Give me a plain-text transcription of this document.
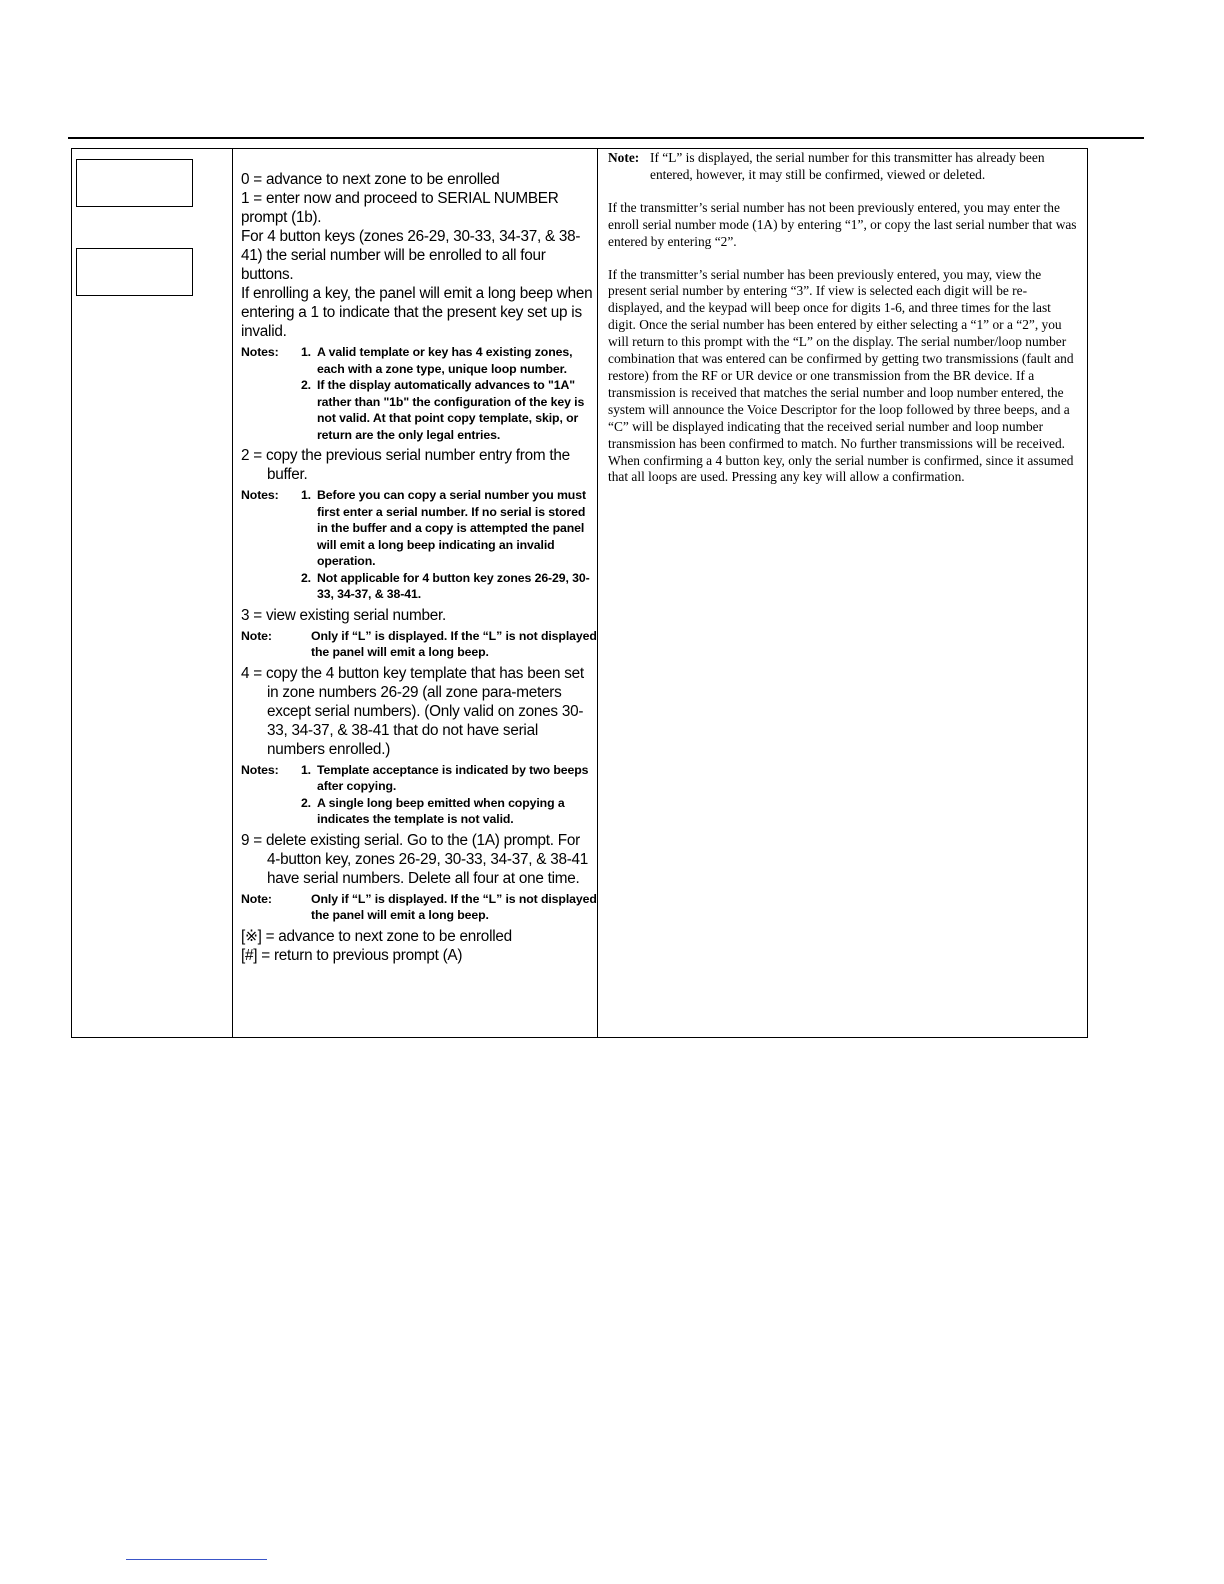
0 = advance to next zone to be enrolled

1 = enter now and proceed to SERIAL NUMBER prompt (1b).

For 4 button keys (zones 26-29, 30-33, 34-37, & 38-41) the serial number will be enrolled to all four buttons.

If enrolling a key, the panel will emit a long beep when entering a 1 to indicate that the present key set up is invalid.

Notes:	1. A valid template or key has 4 existing zones, each with a zone type, unique loop number.
2. If the display automatically advances to "1A" rather than "1b" the configuration of the key is not valid. At that point copy template, skip, or return are the only legal entries.

2 = copy the previous serial number entry from the buffer.

Notes:	1. Before you can copy a serial number you must first enter a serial number. If no serial is stored in the buffer and a copy is attempted the panel will emit a long beep indicating an invalid operation.
2. Not applicable for 4 button key zones 26-29, 30-33, 34-37, & 38-41.

3 = view existing serial number.

Note:	Only if “L” is displayed. If the “L” is not displayed the panel will emit a long beep.

4 = copy the 4 button key template that has been set in zone numbers 26-29 (all zone para-meters except serial numbers). (Only valid on zones 30-33, 34-37, & 38-41 that do not have serial numbers enrolled.)

Notes:	1. Template acceptance is indicated by two beeps after copying.
2. A single long beep emitted when copying a indicates the template is not valid.

9 = delete existing serial. Go to the (1A) prompt. For 4-button key, zones 26-29, 30-33, 34-37, & 38-41 have serial numbers. Delete all four at one time.

Note:	Only if “L” is displayed. If the “L” is not displayed the panel will emit a long beep.

[※] = advance to next zone to be enrolled

[#] = return to previous prompt (A)

Note: If “L” is displayed, the serial number for this transmitter has already been entered, however, it may still be confirmed, viewed or deleted.

If the transmitter’s serial number has not been previously entered, you may enter the enroll serial number mode (1A) by entering “1”, or copy the last serial number that was entered by entering “2”.

If the transmitter’s serial number has been previously entered, you may, view the present serial number by entering “3”. If view is selected each digit will be re-displayed, and the keypad will beep once for digits 1-6, and three times for the last digit. Once the serial number has been entered by either selecting a “1” or a “2”, you will return to this prompt with the “L” on the display. The serial number/loop number combination that was entered can be confirmed by getting two transmissions (fault and restore) from the RF or UR device or one transmission from the BR device. If a transmission is received that matches the serial number and loop number entered, the system will announce the Voice Descriptor for the loop followed by three beeps, and a “C” will be displayed indicating that the received serial number and loop number transmission has been confirmed to match. No further transmissions will be received. When confirming a 4 button key, only the serial number is confirmed, since it assumed that all loops are used. Pressing any key will allow a confirmation.
